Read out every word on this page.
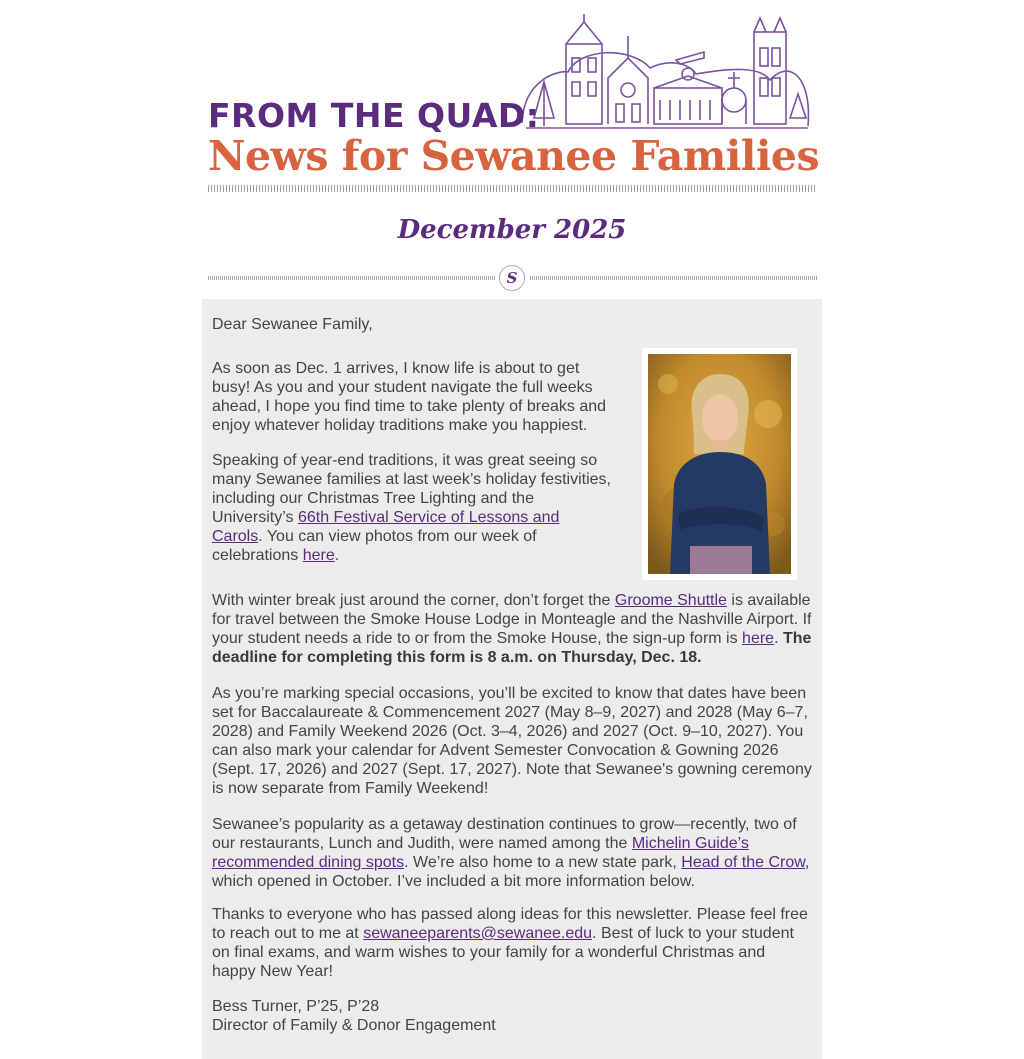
FROM THE QUAD:
News for Sewanee Families
December 2025
S
Dear Sewanee Family,
As soon as Dec. 1 arrives, I know life is about to get busy! As you and your student navigate the full weeks ahead, I hope you find time to take plenty of breaks and enjoy whatever holiday traditions make you happiest.
Speaking of year-end traditions, it was great seeing so many Sewanee families at last week’s holiday festivities, including our Christmas Tree Lighting and the University’s 66th Festival Service of Lessons and Carols. You can view photos from our week of celebrations here.
With winter break just around the corner, don’t forget the Groome Shuttle is available for travel between the Smoke House Lodge in Monteagle and the Nashville Airport. If your student needs a ride to or from the Smoke House, the sign-up form is here. The deadline for completing this form is 8 a.m. on Thursday, Dec. 18.
As you’re marking special occasions, you’ll be excited to know that dates have been set for Baccalaureate & Commencement 2027 (May 8–9, 2027) and 2028 (May 6–7, 2028) and Family Weekend 2026 (Oct. 3–4, 2026) and 2027 (Oct. 9–10, 2027). You can also mark your calendar for Advent Semester Convocation & Gowning 2026 (Sept. 17, 2026) and 2027 (Sept. 17, 2027). Note that Sewanee's gowning ceremony is now separate from Family Weekend!
Sewanee’s popularity as a getaway destination continues to grow—recently, two of our restaurants, Lunch and Judith, were named among the Michelin Guide’s recommended dining spots. We’re also home to a new state park, Head of the Crow, which opened in October. I’ve included a bit more information below.
Thanks to everyone who has passed along ideas for this newsletter. Please feel free to reach out to me at sewaneeparents@sewanee.edu. Best of luck to your student on final exams, and warm wishes to your family for a wonderful Christmas and happy New Year!
Bess Turner, P’25, P’28
Director of Family & Donor Engagement
